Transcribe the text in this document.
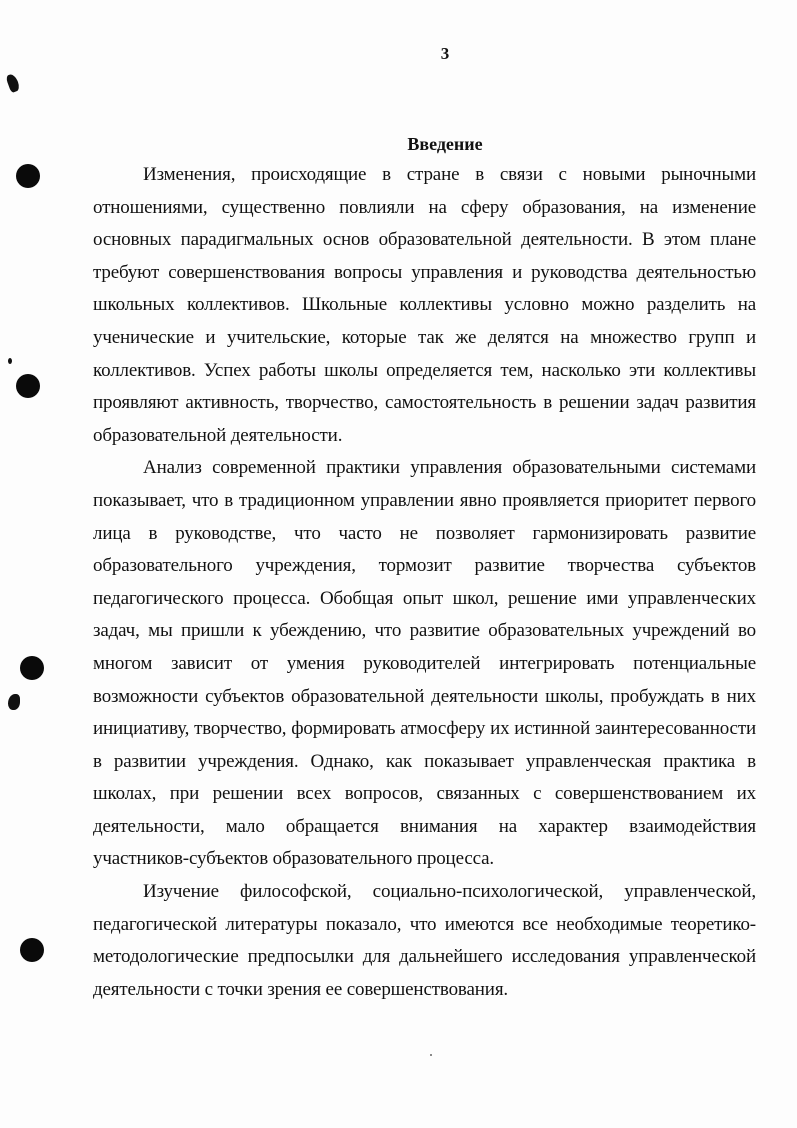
3
Введение

Изменения, происходящие в стране в связи с новыми рыночными отношениями, существенно повлияли на сферу образования, на изменение основных парадигмальных основ образовательной деятельности. В этом плане требуют совершенствования вопросы управления и руководства деятельностью школьных коллективов. Школьные коллективы условно можно разделить на ученические и учительские, которые так же делятся на множество групп и коллективов. Успех работы школы определяется тем, насколько эти коллективы проявляют активность, творчество, самостоятельность в решении задач развития образовательной деятельности.

Анализ современной практики управления образовательными системами показывает, что в традиционном управлении явно проявляется приоритет первого лица в руководстве, что часто не позволяет гармонизировать развитие образовательного учреждения, тормозит развитие творчества субъектов педагогического процесса. Обобщая опыт школ, решение ими управленческих задач, мы пришли к убеждению, что развитие образовательных учреждений во многом зависит от умения руководителей интегрировать потенциальные возможности субъектов образовательной деятельности школы, пробуждать в них инициативу, творчество, формировать атмосферу их истинной заинтересованности в развитии учреждения. Однако, как показывает управленческая практика в школах, при решении всех вопросов, связанных с совершенствованием их деятельности, мало обращается внимания на характер взаимодействия участников-субъектов образовательного процесса.

Изучение философской, социально-психологической, управленческой, педагогической литературы показало, что имеются все необходимые теоретико-методологические предпосылки для дальнейшего исследования управленческой деятельности с точки зрения ее совершенствования.
